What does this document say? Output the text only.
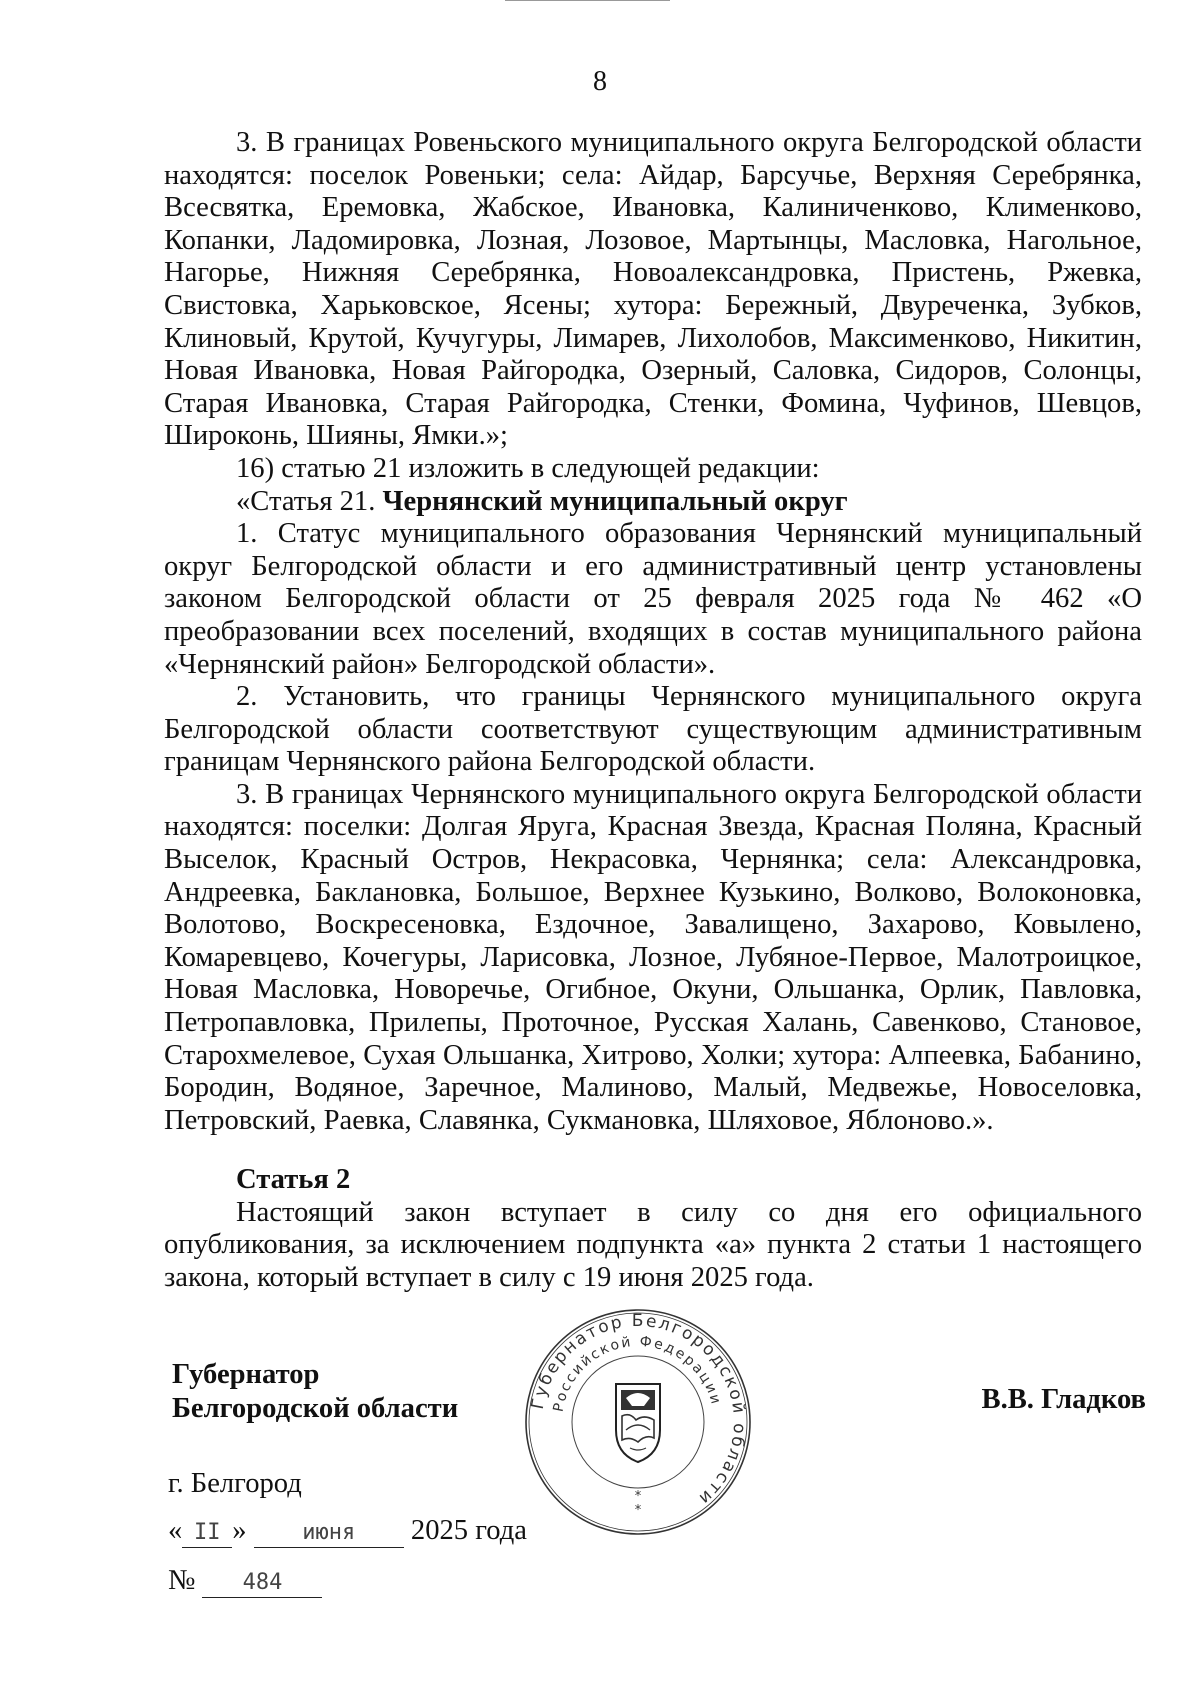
8

3. В границах Ровеньского муниципального округа Белгородской области находятся: поселок Ровеньки; села: Айдар, Барсучье, Верхняя Серебрянка, Всесвятка, Еремовка, Жабское, Ивановка, Калиниченково, Клименково, Копанки, Ладомировка, Лозная, Лозовое, Мартынцы, Масловка, Нагольное, Нагорье, Нижняя Серебрянка, Новоалександровка, Пристень, Ржевка, Свистовка, Харьковское, Ясены; хутора: Бережный, Двуреченка, Зубков, Клиновый, Крутой, Кучугуры, Лимарев, Лихолобов, Максименково, Никитин, Новая Ивановка, Новая Райгородка, Озерный, Саловка, Сидоров, Солонцы, Старая Ивановка, Старая Райгородка, Стенки, Фомина, Чуфинов, Шевцов, Широконь, Шияны, Ямки.»;

16) статью 21 изложить в следующей редакции:

«Статья 21. Чернянский муниципальный округ

1. Статус муниципального образования Чернянский муниципальный округ Белгородской области и его административный центр установлены законом Белгородской области от 25 февраля 2025 года № 462 «О преобразовании всех поселений, входящих в состав муниципального района «Чернянский район» Белгородской области».

2. Установить, что границы Чернянского муниципального округа Белгородской области соответствуют существующим административным границам Чернянского района Белгородской области.

3. В границах Чернянского муниципального округа Белгородской области находятся: поселки: Долгая Яруга, Красная Звезда, Красная Поляна, Красный Выселок, Красный Остров, Некрасовка, Чернянка; села: Александровка, Андреевка, Баклановка, Большое, Верхнее Кузькино, Волково, Волоконовка, Волотово, Воскресеновка, Ездочное, Завалищено, Захарово, Ковылено, Комаревцево, Кочегуры, Ларисовка, Лозное, Лубяное-Первое, Малотроицкое, Новая Масловка, Новоречье, Огибное, Окуни, Ольшанка, Орлик, Павловка, Петропавловка, Прилепы, Проточное, Русская Халань, Савенково, Становое, Старохмелевое, Сухая Ольшанка, Хитрово, Холки; хутора: Алпеевка, Бабанино, Бородин, Водяное, Заречное, Малиново, Малый, Медвежье, Новоселовка, Петровский, Раевка, Славянка, Сукмановка, Шляховое, Яблоново.».

Статья 2

Настоящий закон вступает в силу со дня его официального опубликования, за исключением подпункта «а» пункта 2 статьи 1 настоящего закона, который вступает в силу с 19 июня 2025 года.

Губернатор
Белгородской области	Губернатор Белгородской области
Российской Федерации
*
*
В.В. Гладков
г. Белгород
« II »	июня 2025 года
№ 484
